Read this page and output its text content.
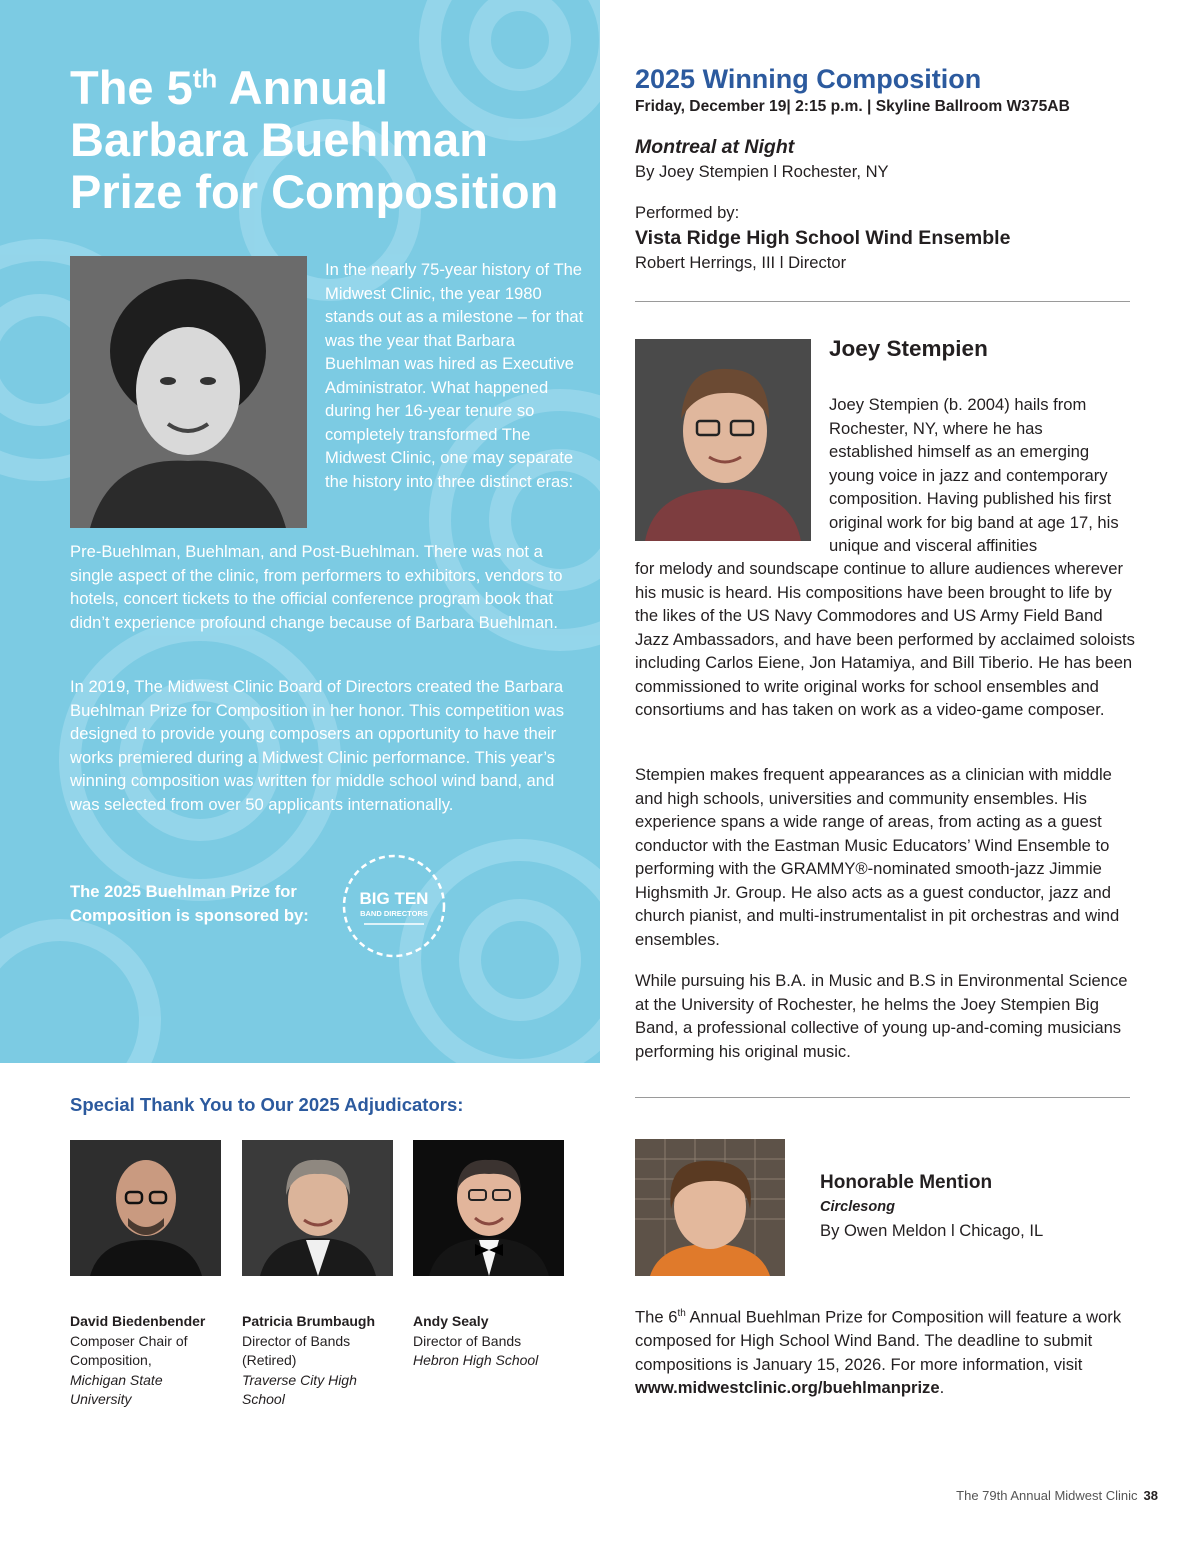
The 5th Annual
Barbara Buehlman
Prize for Composition

In the nearly 75-year history of The Midwest Clinic, the year 1980 stands out as a milestone – for that was the year that Barbara Buehlman was hired as Executive Administrator. What happened during her 16-year tenure so completely transformed The Midwest Clinic, one may separate the history into three distinct eras:

Pre-Buehlman, Buehlman, and Post-Buehlman. There was not a single aspect of the clinic, from performers to exhibitors, vendors to hotels, concert tickets to the official conference program book that didn’t experience profound change because of Barbara Buehlman.

In 2019, The Midwest Clinic Board of Directors created the Barbara Buehlman Prize for Composition in her honor. This competition was designed to provide young composers an opportunity to have their works premiered during a Midwest Clinic performance. This year’s winning composition was written for middle school wind band, and was selected from over 50 applicants internationally.

The 2025 Buehlman Prize for Composition is sponsored by:

BIG TEN
BAND DIRECTORS
2025 Winning Composition
Friday, December 19| 2:15 p.m. | Skyline Ballroom W375AB
Montreal at Night
By Joey Stempien l Rochester, NY
Performed by:
Vista Ridge High School Wind Ensemble
Robert Herrings, III l Director
Joey Stempien

Joey Stempien (b. 2004) hails from Rochester, NY, where he has established himself as an emerging young voice in jazz and contemporary composition. Having published his first original work for big band at age 17, his unique and visceral affinities

for melody and soundscape continue to allure audiences wherever his music is heard. His compositions have been brought to life by the likes of the US Navy Commodores and US Army Field Band Jazz Ambassadors, and have been performed by acclaimed soloists including Carlos Eiene, Jon Hatamiya, and Bill Tiberio. He has been commissioned to write original works for school ensembles and consortiums and has taken on work as a video-game composer.

Stempien makes frequent appearances as a clinician with middle and high schools, universities and community ensembles. His experience spans a wide range of areas, from acting as a guest conductor with the Eastman Music Educators’ Wind Ensemble to performing with the GRAMMY®-nominated smooth-jazz Jimmie Highsmith Jr. Group. He also acts as a guest conductor, jazz and church pianist, and multi-instrumentalist in pit orchestras and wind ensembles.

While pursuing his B.A. in Music and B.S in Environmental Science at the University of Rochester, he helms the Joey Stempien Big Band, a professional collective of young up-and-coming musicians performing his original music.

Honorable Mention
Circlesong
By Owen Meldon l Chicago, IL

The 6th Annual Buehlman Prize for Composition will feature a work composed for High School Wind Band. The deadline to submit compositions is January 15, 2026. For more information, visit www.midwestclinic.org/buehlmanprize.

Special Thank You to Our 2025 Adjudicators:
David Biedenbender
Composer Chair of Composition,
Michigan State University
Patricia Brumbaugh
Director of Bands (Retired)
Traverse City High School
Andy Sealy
Director of Bands
Hebron High School
The 79th Annual Midwest Clinic 38
